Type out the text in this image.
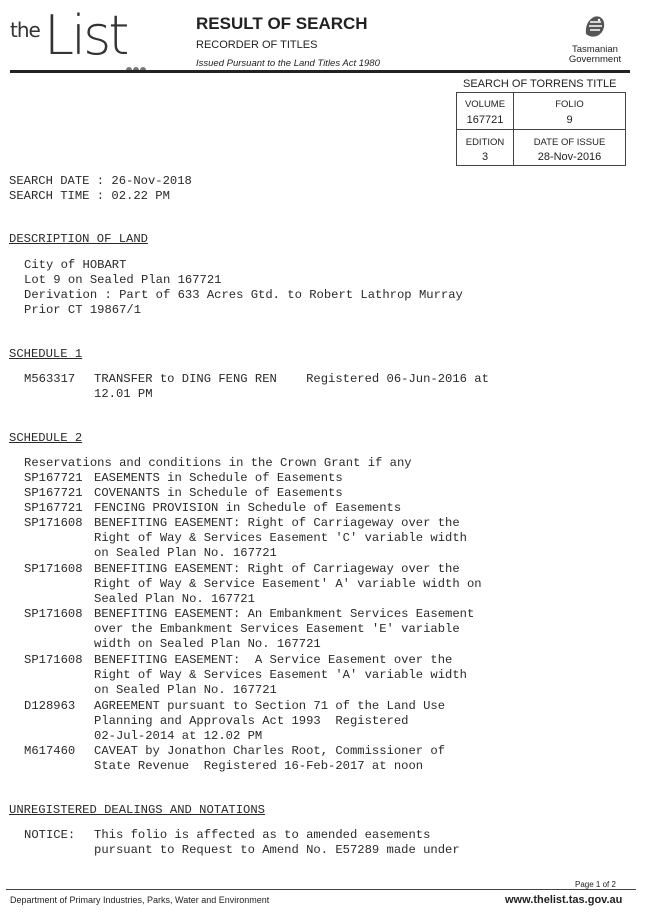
the List	RESULT OF SEARCH
RECORDER OF TITLES
Issued Pursuant to the Land Titles Act 1980
Tasmanian
Government
SEARCH OF TORRENS TITLE
VOLUME
167721
FOLIO
9
EDITION
3
DATE OF ISSUE
28-Nov-2016
SEARCH DATE : 26-Nov-2018
SEARCH TIME : 02.22 PM
DESCRIPTION OF LAND
City of HOBART
Lot 9 on Sealed Plan 167721
Derivation : Part of 633 Acres Gtd. to Robert Lathrop Murray
Prior CT 19867/1
SCHEDULE 1
M563317 TRANSFER to DING FENG REN    Registered 06-Jun-2016 at
12.01 PM
SCHEDULE 2
Reservations and conditions in the Crown Grant if any
SP167721 EASEMENTS in Schedule of Easements
SP167721 COVENANTS in Schedule of Easements
SP167721 FENCING PROVISION in Schedule of Easements
SP171608 BENEFITING EASEMENT: Right of Carriageway over the
Right of Way & Services Easement 'C' variable width
on Sealed Plan No. 167721
SP171608 BENEFITING EASEMENT: Right of Carriageway over the
Right of Way & Service Easement' A' variable width on
Sealed Plan No. 167721
SP171608 BENEFITING EASEMENT: An Embankment Services Easement
over the Embankment Services Easement 'E' variable
width on Sealed Plan No. 167721
SP171608 BENEFITING EASEMENT:  A Service Easement over the
Right of Way & Services Easement 'A' variable width
on Sealed Plan No. 167721
D128963 AGREEMENT pursuant to Section 71 of the Land Use
Planning and Approvals Act 1993  Registered
02-Jul-2014 at 12.02 PM
M617460 CAVEAT by Jonathon Charles Root, Commissioner of
State Revenue  Registered 16-Feb-2017 at noon
UNREGISTERED DEALINGS AND NOTATIONS
NOTICE: This folio is affected as to amended easements
pursuant to Request to Amend No. E57289 made under
Page 1 of 2
Department of Primary Industries, Parks, Water and Environment	www.thelist.tas.gov.au
